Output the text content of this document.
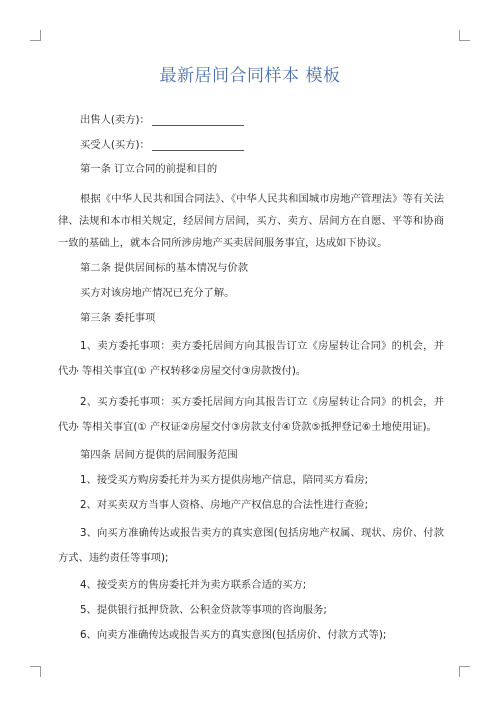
最新居间合同样本 模板
出售人(卖方)：
买受人(买方)：

第一条 订立合同的前提和目的

根据《中华人民共和国合同法》、《中华人民共和国城市房地产管理法》等有关法律、法规和本市相关规定，经居间方居间，买方、卖方、居间方在自愿、平等和协商一致的基础上，就本合同所涉房地产买卖居间服务事宜，达成如下协议。

第二条 提供居间标的基本情况与价款

买方对该房地产情况已充分了解。

第三条 委托事项

1、卖方委托事项：卖方委托居间方向其报告订立《房屋转让合同》的机会，并代办 等相关事宜(① 产权转移②房屋交付③房款拨付)。

2、买方委托事项：买方委托居间方向其报告订立《房屋转让合同》的机会，并代办 等相关事宜(① 产权证②房屋交付③房款支付④贷款⑤抵押登记⑥土地使用证)。

第四条 居间方提供的居间服务范围

1、接受买方购房委托并为买方提供房地产信息，陪同买方看房;

2、对买卖双方当事人资格、房地产产权信息的合法性进行查验;

3、向买方准确传达或报告卖方的真实意图(包括房地产权属、现状、房价、付款方式、违约责任等事项);

4、接受卖方的售房委托并为卖方联系合适的买方;

5、提供银行抵押贷款、公积金贷款等事项的咨询服务;

6、向卖方准确传达或报告买方的真实意图(包括房价、付款方式等);
